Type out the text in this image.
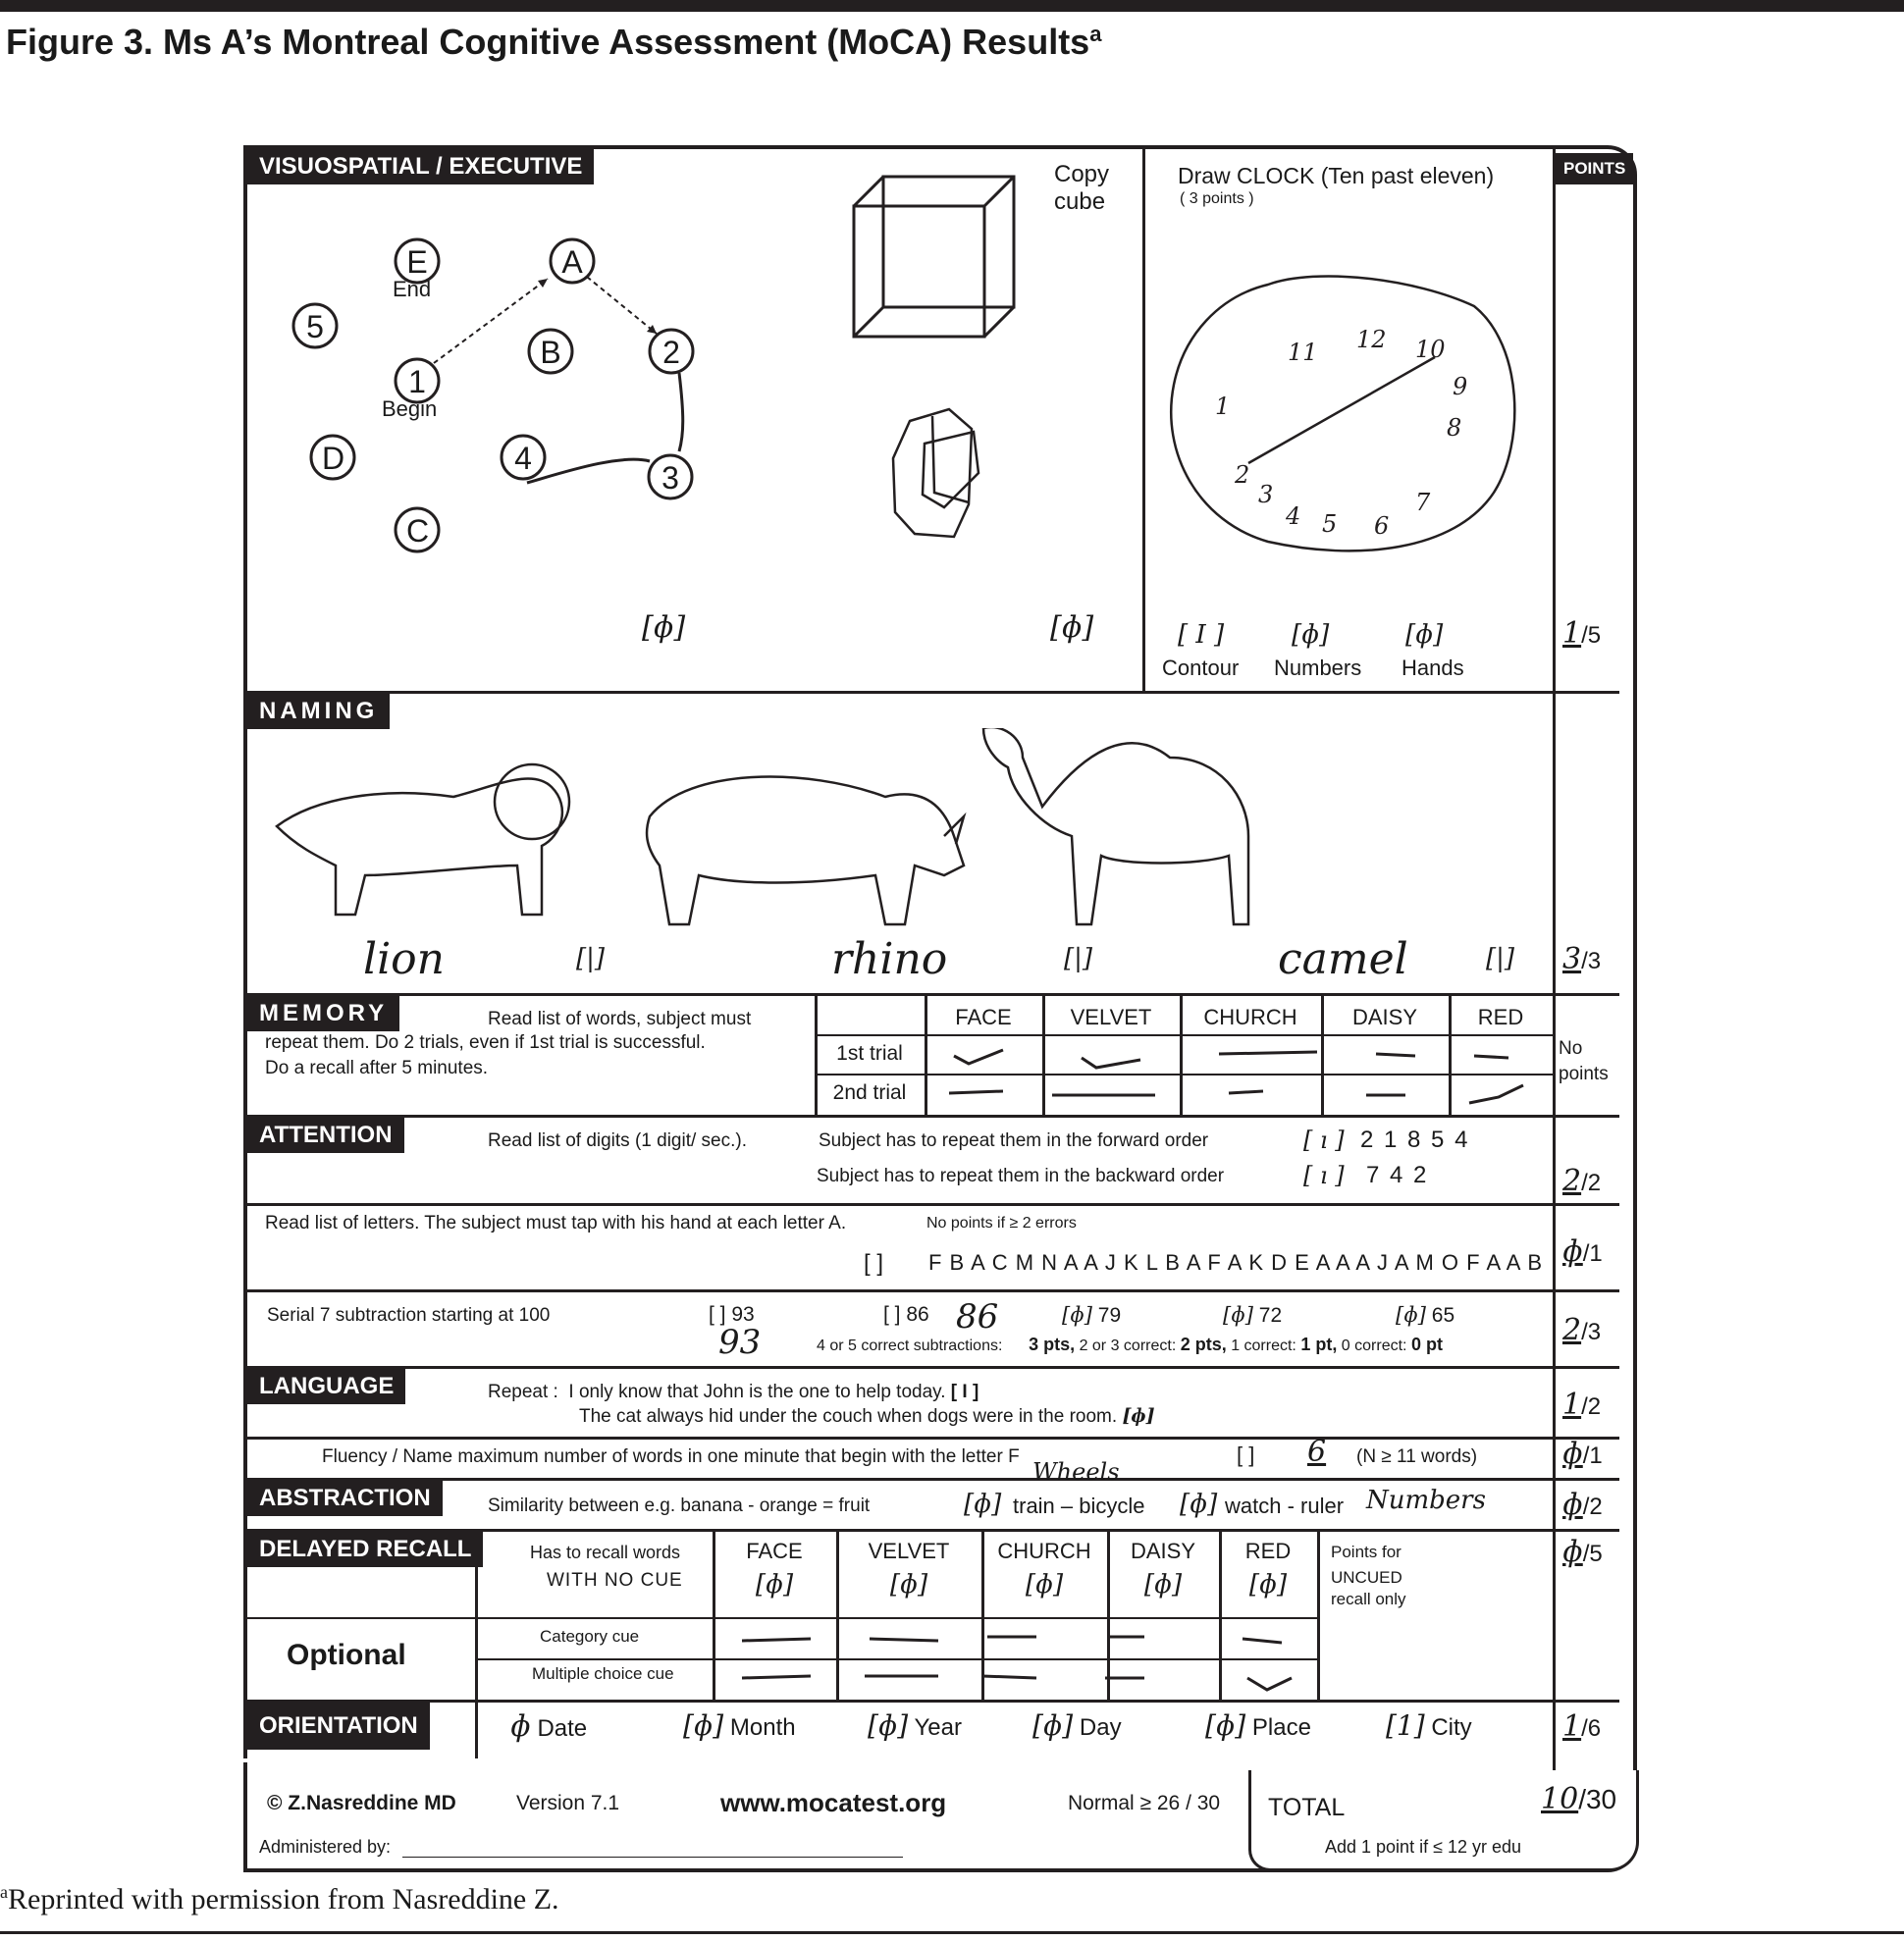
Figure 3. Ms A’s Montreal Cognitive Assessment (MoCA) Results$^a$
POINTS
VISUOSPATIAL / EXECUTIVE
End
Begin
E	A
5
B	2
1
D	4
3
C
Copy
cube
[ɸ]	[ɸ]
Draw CLOCK (Ten past eleven)
( 3 points )
11 12 10
9
8
7
6
5
4
3
2
1
[ I ]
Contour
[ɸ]
Numbers
[ɸ]
Hands
1/5
NAMING
lion	[|]	rhino	[|]	camel	[|] 3/3
MEMORY	Read list of words, subject must
repeat them. Do 2 trials, even if 1st trial is successful.
Do a recall after 5 minutes.
FACE	VELVET	CHURCH	DAISY	RED
1st trial
2nd trial
No
points
ATTENTION	Read list of digits (1 digit/ sec.).	Subject has to repeat them in the forward order	[ ı ] 2 1 8 5 4
Subject has to repeat them in the backward order	[ ı ] 7 4 2	2/2
Read list of letters. The subject must tap with his hand at each letter A.	No points if ≥ 2 errors
[ ] F B A C M N A A J K L B A F A K D E A A A J A M O F A A B ɸ/1
Serial 7 subtraction starting at 100	[ ] 93	[ ] 86	[ɸ] 79	[ɸ] 72	[ɸ] 65
93
86
4 or 5 correct subtractions: 3 pts, 2 or 3 correct: 2 pts, 1 correct: 1 pt, 0 correct: 0 pt	2/3
LANGUAGE	Repeat : I only know that John is the one to help today. [ I ]
The cat always hid under the couch when dogs were in the room. [ɸ]	1/2
Fluency / Name maximum number of words in one minute that begin with the letter F	[ ] 6 (N ≥ 11 words)	ɸ/1
ABSTRACTION	Similarity between e.g. banana - orange = fruit	[ɸ] train – bicycle
Wheels
[ɸ] watch - ruler Numbers	ɸ/2
DELAYED RECALL	Has to recall words
WITH NO CUE
FACE	VELVET	CHURCH	DAISY	RED
[ɸ]	[ɸ]	[ɸ]	[ɸ]	[ɸ]
Points for
UNCUED
recall only
Optional
Category cue
Multiple choice cue
ɸ/5
ORIENTATION	ɸ Date	[ɸ] Month	[ɸ] Year	[ɸ] Day	[ɸ] Place	[1] City	1/6
© Z.Nasreddine MD	Version 7.1	www.mocatest.org	Normal ≥ 26 / 30 TOTAL	10/30
Add 1 point if ≤ 12 yr edu
Administered by:
$^a$Reprinted with permission from Nasreddine Z.
